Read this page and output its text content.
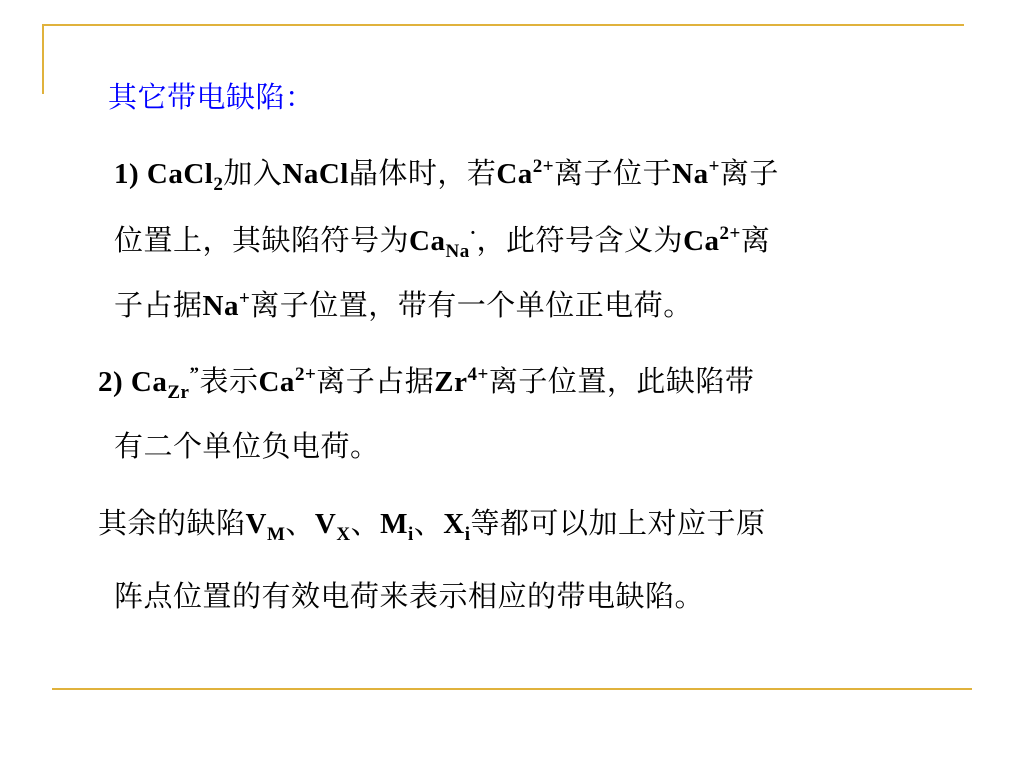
其它带电缺陷：
1) CaCl$_2$加入NaCl晶体时，若$Ca^{2+}$离子位于Na+离子
位置上，其缺陷符号为$Ca_{Na}^\cdot$，此符号含义为$Ca^{2+}$离
子占据Na+离子位置，带有一个单位正电荷。
2) $Ca_{Zr}^”$表示$Ca^{2+}$离子占据$Zr^{4+}$离子位置，此缺陷带
有二个单位负电荷。
其余的缺陷$V_M$、$V_X$、$M_i$、$X_i$等都可以加上对应于原
阵点位置的有效电荷来表示相应的带电缺陷。
